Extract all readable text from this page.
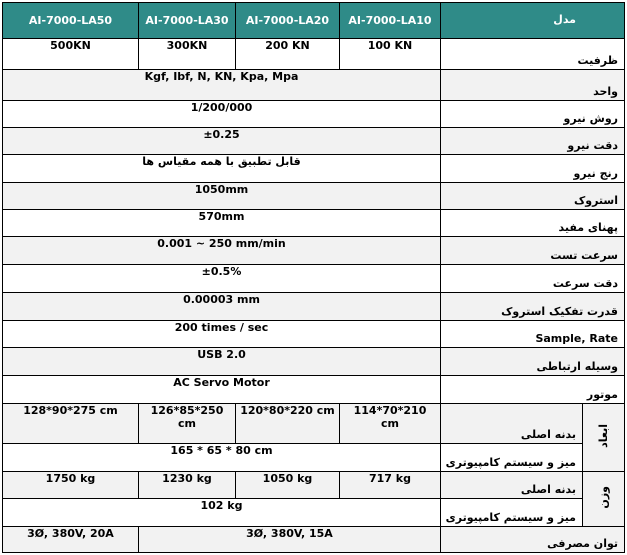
AI-7000-LA50	AI-7000-LA30	AI-7000-LA20	AI-7000-LA10	مدل	
500KN	300KN	200 KN	100 KN	ظرفیت	
Kgf, Ibf, N, KN, Kpa, Mpa				واحد	
1/200/000				روش نیرو	
±0.25				دقت نیرو	
قابل تطبیق با همه مقیاس ها				رنج نیرو	
1050mm				استروک	
570mm				پهنای مفید	
0.001 ~ 250 mm/min				سرعت تست	
±0.5%				دقت سرعت	
0.00003 mm				قدرت تفکیک استروک	
200 times / sec				Sample, Rate	
USB 2.0				وسیله ارتباطی	
AC Servo Motor				موتور	
128*90*275 cm	126*85*250 cm	120*80*220 cm	114*70*210 cm	بدنه اصلی	ابعاد
165 * 65 * 80 cm				میز و سیستم کامپیوتری	
1750 kg	1230 kg	1050 kg	717 kg	بدنه اصلی	وزن
102 kg				میز و سیستم کامپیوتری	
3Ø, 380V, 20A	3Ø, 380V, 15A			توان مصرفی	
